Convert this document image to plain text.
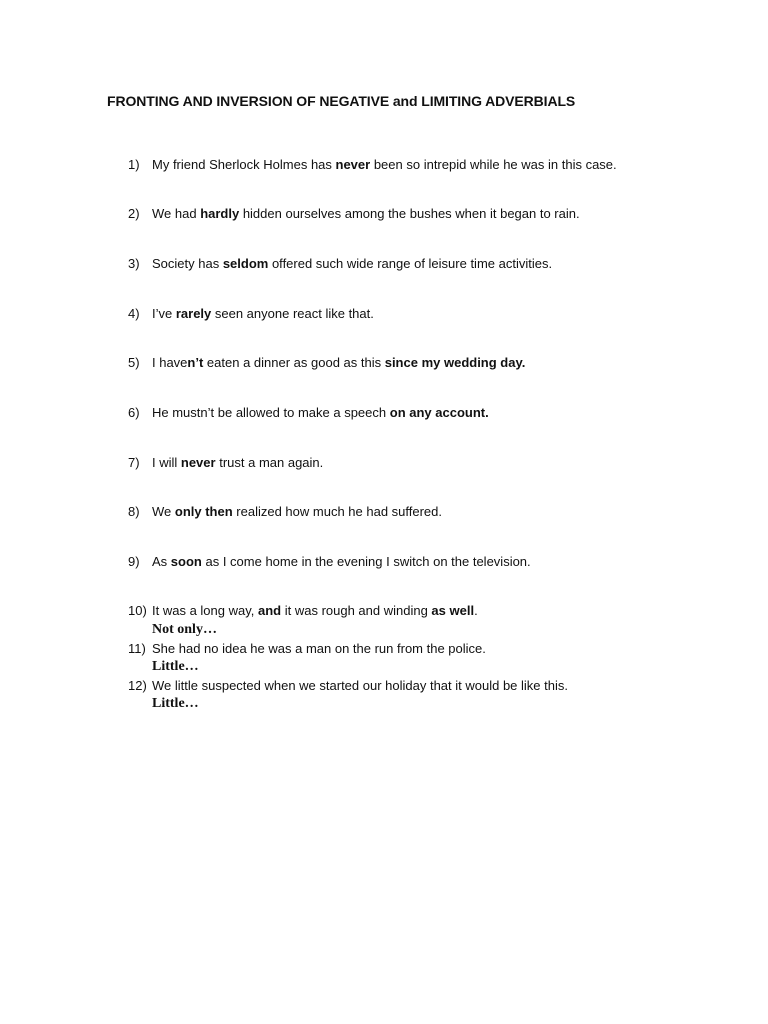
FRONTING AND INVERSION OF NEGATIVE and LIMITING ADVERBIALS
1) My friend Sherlock Holmes has never been so intrepid while he was in this case.
2) We had hardly hidden ourselves among the bushes when it began to rain.
3) Society has seldom offered such wide range of leisure time activities.
4) I’ve rarely seen anyone react like that.
5) I haven’t eaten a dinner as good as this since my wedding day.
6) He mustn’t be allowed to make a speech on any account.
7) I will never trust a man again.
8) We only then realized how much he had suffered.
9) As soon as I come home in the evening I switch on the television.
10) It was a long way, and it was rough and winding as well.
11) She had no idea he was a man on the run from the police.
12) We little suspected when we started our holiday that it would be like this.
Not only…
Little…
Little…
